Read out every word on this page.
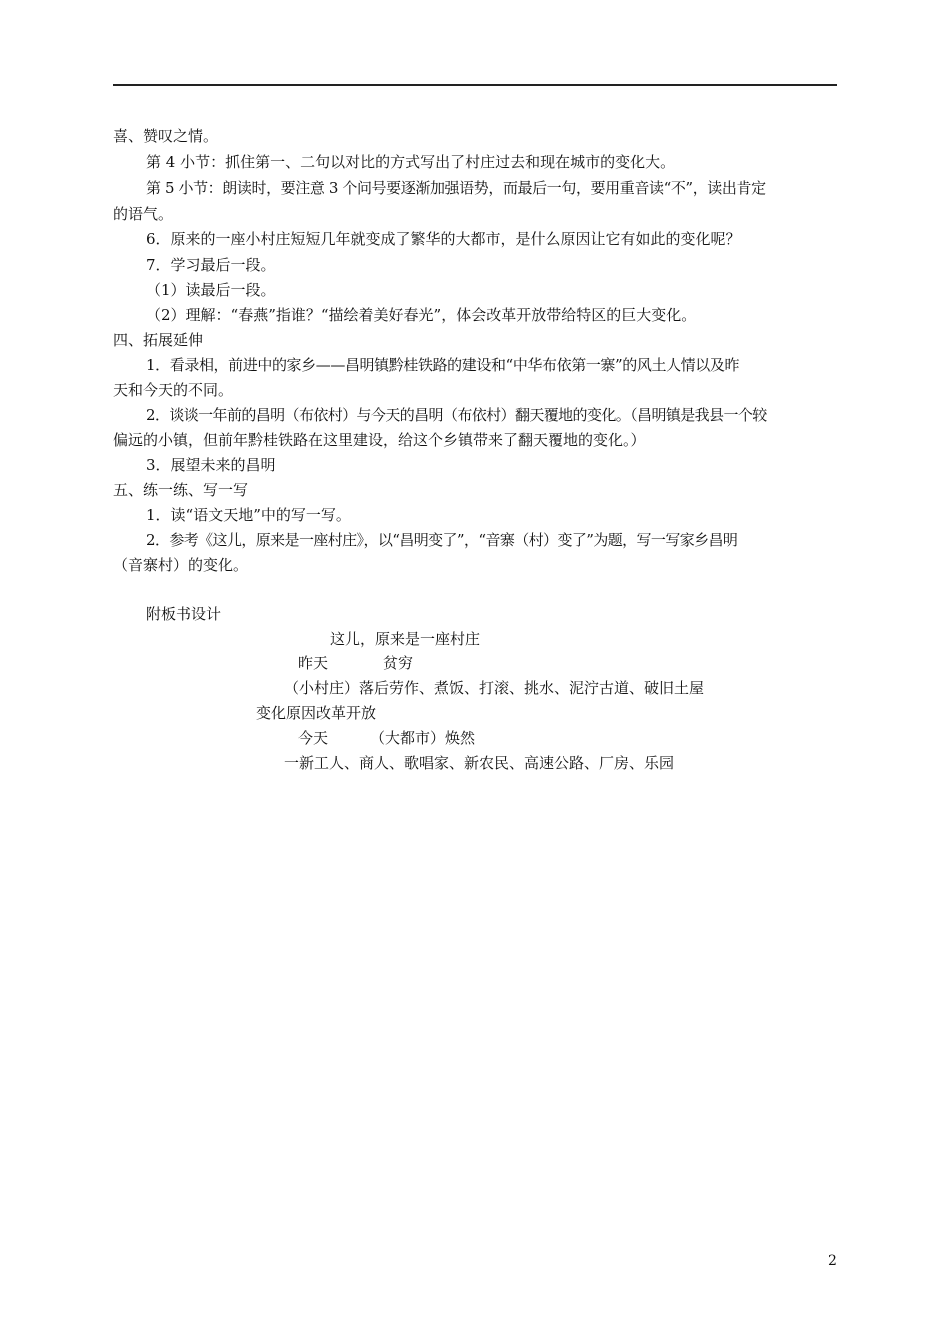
喜、赞叹之情。
第 4 小节：抓住第一、二句以对比的方式写出了村庄过去和现在城市的变化大。
第 5 小节：朗读时，要注意 3 个问号要逐渐加强语势，而最后一句，要用重音读“不”，读出肯定
的语气。
6．原来的一座小村庄短短几年就变成了繁华的大都市，是什么原因让它有如此的变化呢？
7．学习最后一段。
（1）读最后一段。
（2）理解：“春燕”指谁？“描绘着美好春光”，体会改革开放带给特区的巨大变化。
四、拓展延伸
1．看录相，前进中的家乡——昌明镇黔桂铁路的建设和“中华布依第一寨”的风土人情以及昨
天和今天的不同。
2．谈谈一年前的昌明（布依村）与今天的昌明（布依村）翻天覆地的变化。（昌明镇是我县一个较
偏远的小镇，但前年黔桂铁路在这里建设，给这个乡镇带来了翻天覆地的变化。）
3．展望未来的昌明
五、练一练、写一写
1．读“语文天地”中的写一写。
2．参考《这儿，原来是一座村庄》，以“昌明变了”，“音寨（村）变了”为题，写一写家乡昌明
（音寨村）的变化。
附板书设计
这儿，原来是一座村庄
昨天	贫穷
（小村庄）落后劳作、煮饭、打滚、挑水、泥泞古道、破旧土屋
变化原因改革开放
今天	（大都市）焕然
一新工人、商人、歌唱家、新农民、高速公路、厂房、乐园
2
